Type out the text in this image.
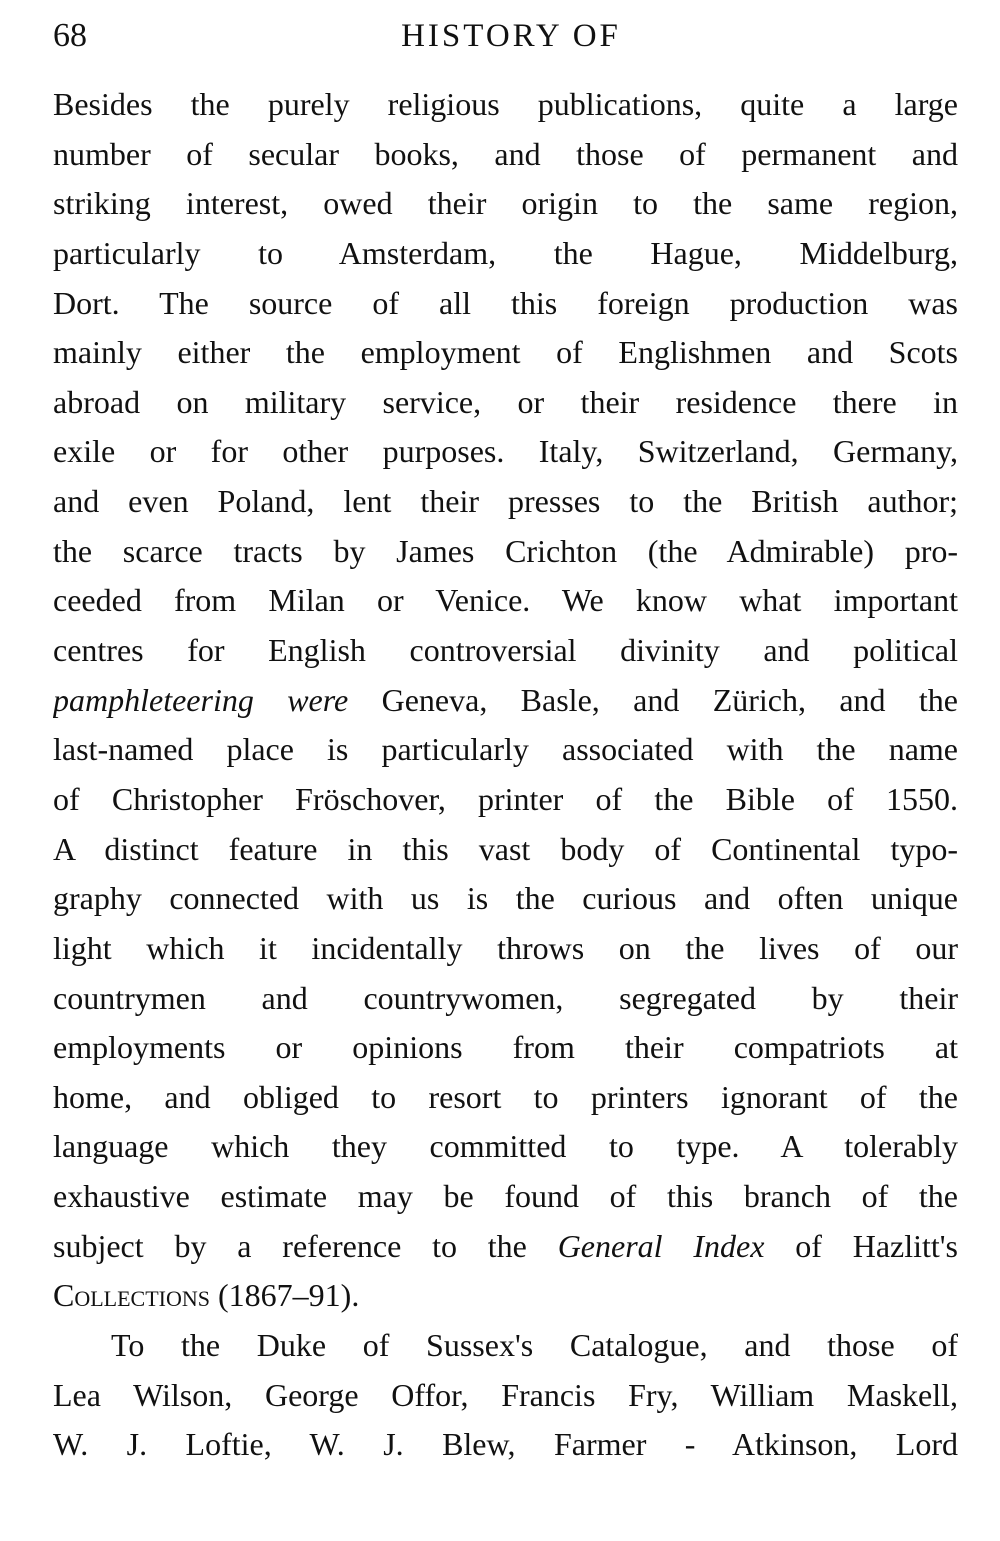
68	HISTORY OF
Besides the purely religious publications, quite a large
number of secular books, and those of permanent and
striking interest, owed their origin to the same region,
particularly to Amsterdam, the Hague, Middelburg,
Dort. The source of all this foreign production was
mainly either the employment of Englishmen and Scots
abroad on military service, or their residence there in
exile or for other purposes. Italy, Switzerland, Germany,
and even Poland, lent their presses to the British author;
the scarce tracts by James Crichton (the Admirable) pro-
ceeded from Milan or Venice. We know what important
centres for English controversial divinity and political
pamphleteering were Geneva, Basle, and Zürich, and the
last-named place is particularly associated with the name
of Christopher Fröschover, printer of the Bible of 1550.
A distinct feature in this vast body of Continental typo-
graphy connected with us is the curious and often unique
light which it incidentally throws on the lives of our
countrymen and countrywomen, segregated by their
employments or opinions from their compatriots at
home, and obliged to resort to printers ignorant of the
language which they committed to type. A tolerably
exhaustive estimate may be found of this branch of the
subject by a reference to the General Index of Hazlitt's
Collections (1867–91).
To the Duke of Sussex's Catalogue, and those of
Lea Wilson, George Offor, Francis Fry, William Maskell,
W. J. Loftie, W. J. Blew, Farmer - Atkinson, Lord
